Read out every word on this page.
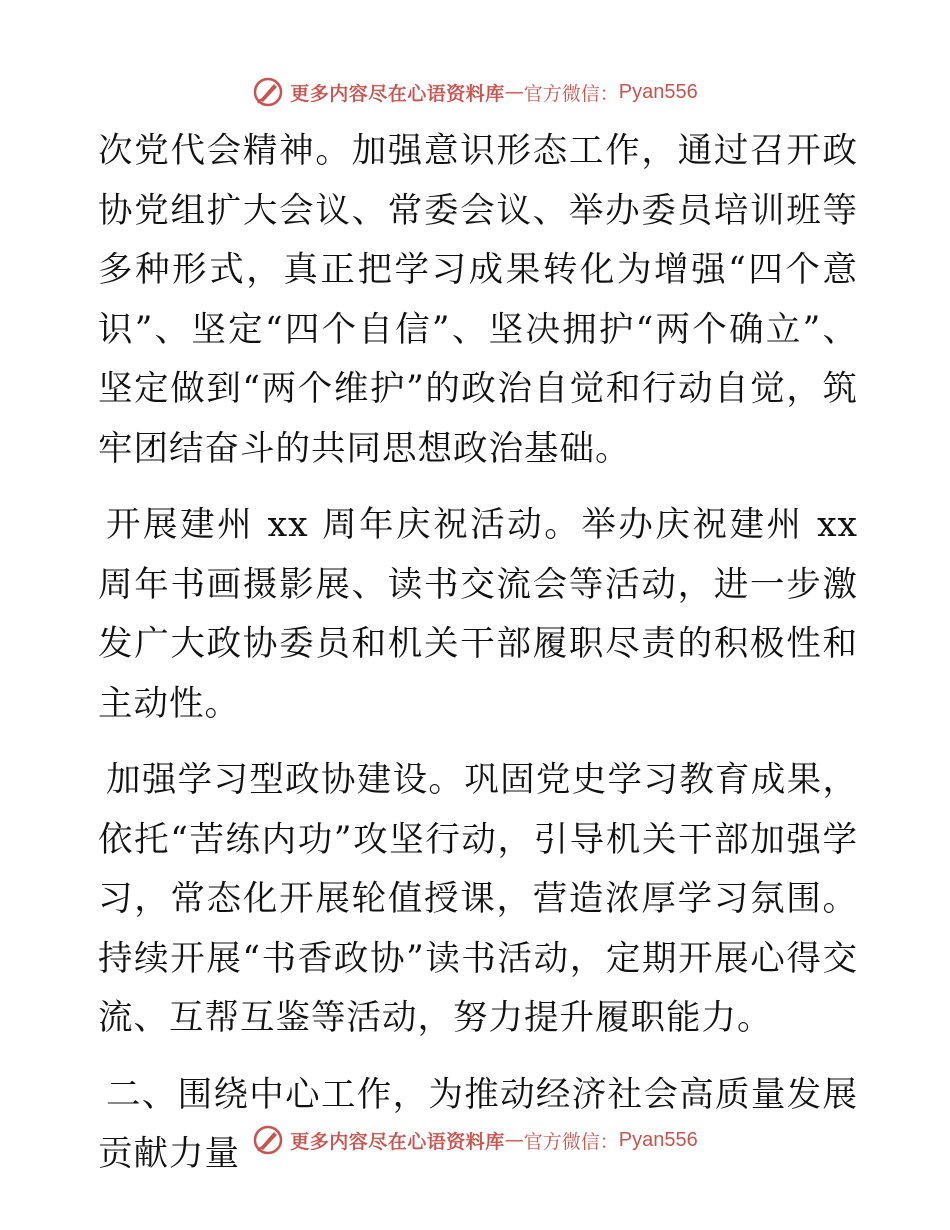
更多内容尽在心语资料库 — 官方微信： Pyan556

次党代会精神。加强意识形态工作，通过召开政协党组扩大会议、常委会议、举办委员培训班等多种形式，真正把学习成果转化为增强“四个意识”、坚定“四个自信”、坚决拥护“两个确立”、坚定做到“两个维护”的政治自觉和行动自觉，筑牢团结奋斗的共同思想政治基础。

开展建州 xx 周年庆祝活动。举办庆祝建州 xx 周年书画摄影展、读书交流会等活动，进一步激发广大政协委员和机关干部履职尽责的积极性和主动性。

加强学习型政协建设。巩固党史学习教育成果，依托“苦练内功”攻坚行动，引导机关干部加强学习，常态化开展轮值授课，营造浓厚学习氛围。持续开展“书香政协”读书活动，定期开展心得交流、互帮互鉴等活动，努力提升履职能力。

二、围绕中心工作，为推动经济社会高质量发展贡献力量	更多内容尽在心语资料库 — 官方微信： Pyan556
